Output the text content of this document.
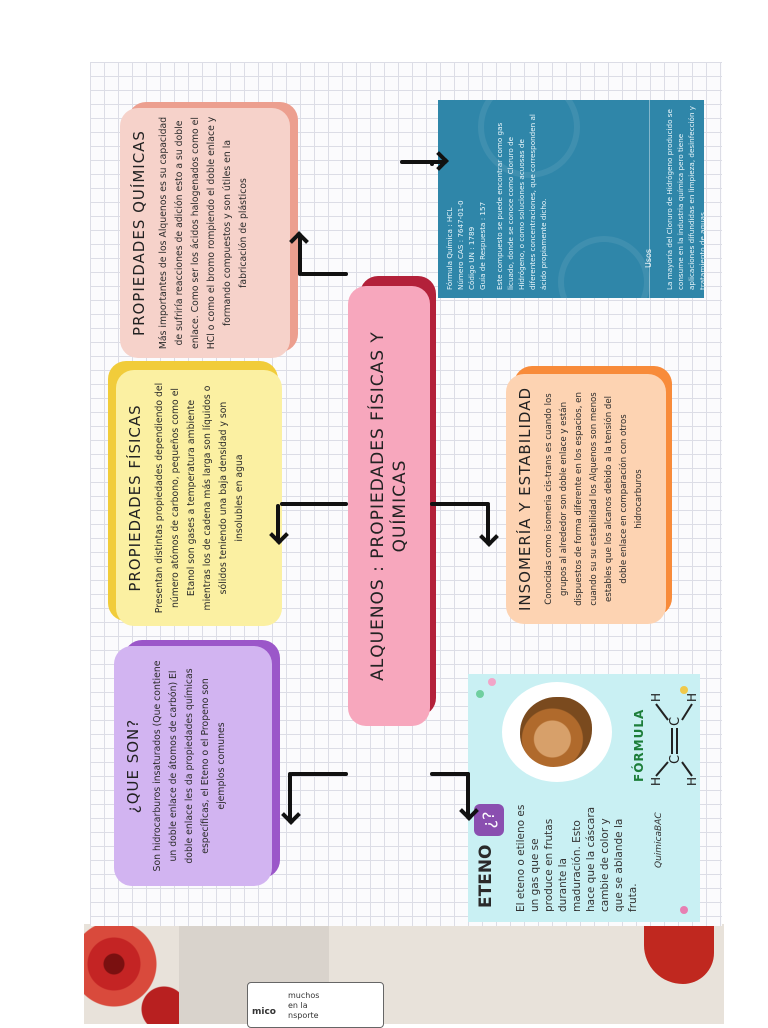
mico
muchos
en la
nsporte
ALQUENOS : PROPIEDADES FÍSICAS Y QUÍMICAS
¿QUE SON? Son hidrocarburos insaturados (Que contiene un doble enlace de átomos de carbón) El doble enlace les da propiedades químicas específicas, el Eteno o el Propeno son ejemplos comunes
PROPIEDADES FÍSICAS Presentan distintas propiedades dependiendo del número atómos de carbono, pequeños como el Etanol son gases a temperatura ambiente mientras los de cadena más larga son líquidos o sólidos teniendo una baja densidad y son insolubles en agua
PROPIEDADES QUÍMICAS Más importantes de los Alquenos es su capacidad de sufriría reacciones de adición esto a su doble enlace. Como ser los ácidos halogenados como el HCl o como el bromo rompiendo el doble enlace y formando compuestos y son útiles en la fabricación de plásticos
INSOMERÍA Y ESTABILIDAD Conocidas como isomeria cis-trans es cuando los grupos al alrededor son doble enlace y están dispuestos de forma diferente en los espacios, en cuando su su estabilidad los Alquenos son menos estables que los alcanos debido a la tensión del doble enlace en comparación con otros hidrocarburos
ETENO
¿?	El eteno o etileno es un gas que se produce en frutas durante la maduración. Esto hace que la cáscara cambie de color y que se ablande la fruta.
QuimicaBAC
FÓRMULA C
C
H H
H H
Fórmula Química : HCL Número CAS : 7647-01-0 Código UN : 1789 Guía de Respuesta : 157 Este compuesto se puede encontrar como gas licuado, donde se conoce como Cloruro de Hidrógeno, o como soluciones acuosas de diferentes concentraciones, que corresponden al ácido propiamente dicho.	Usos La mayoría del Cloruro de Hidrógeno producido se consume en la industria química pero tiene aplicaciones difundidas en limpieza, desinfección y tratamiento de aguas.
